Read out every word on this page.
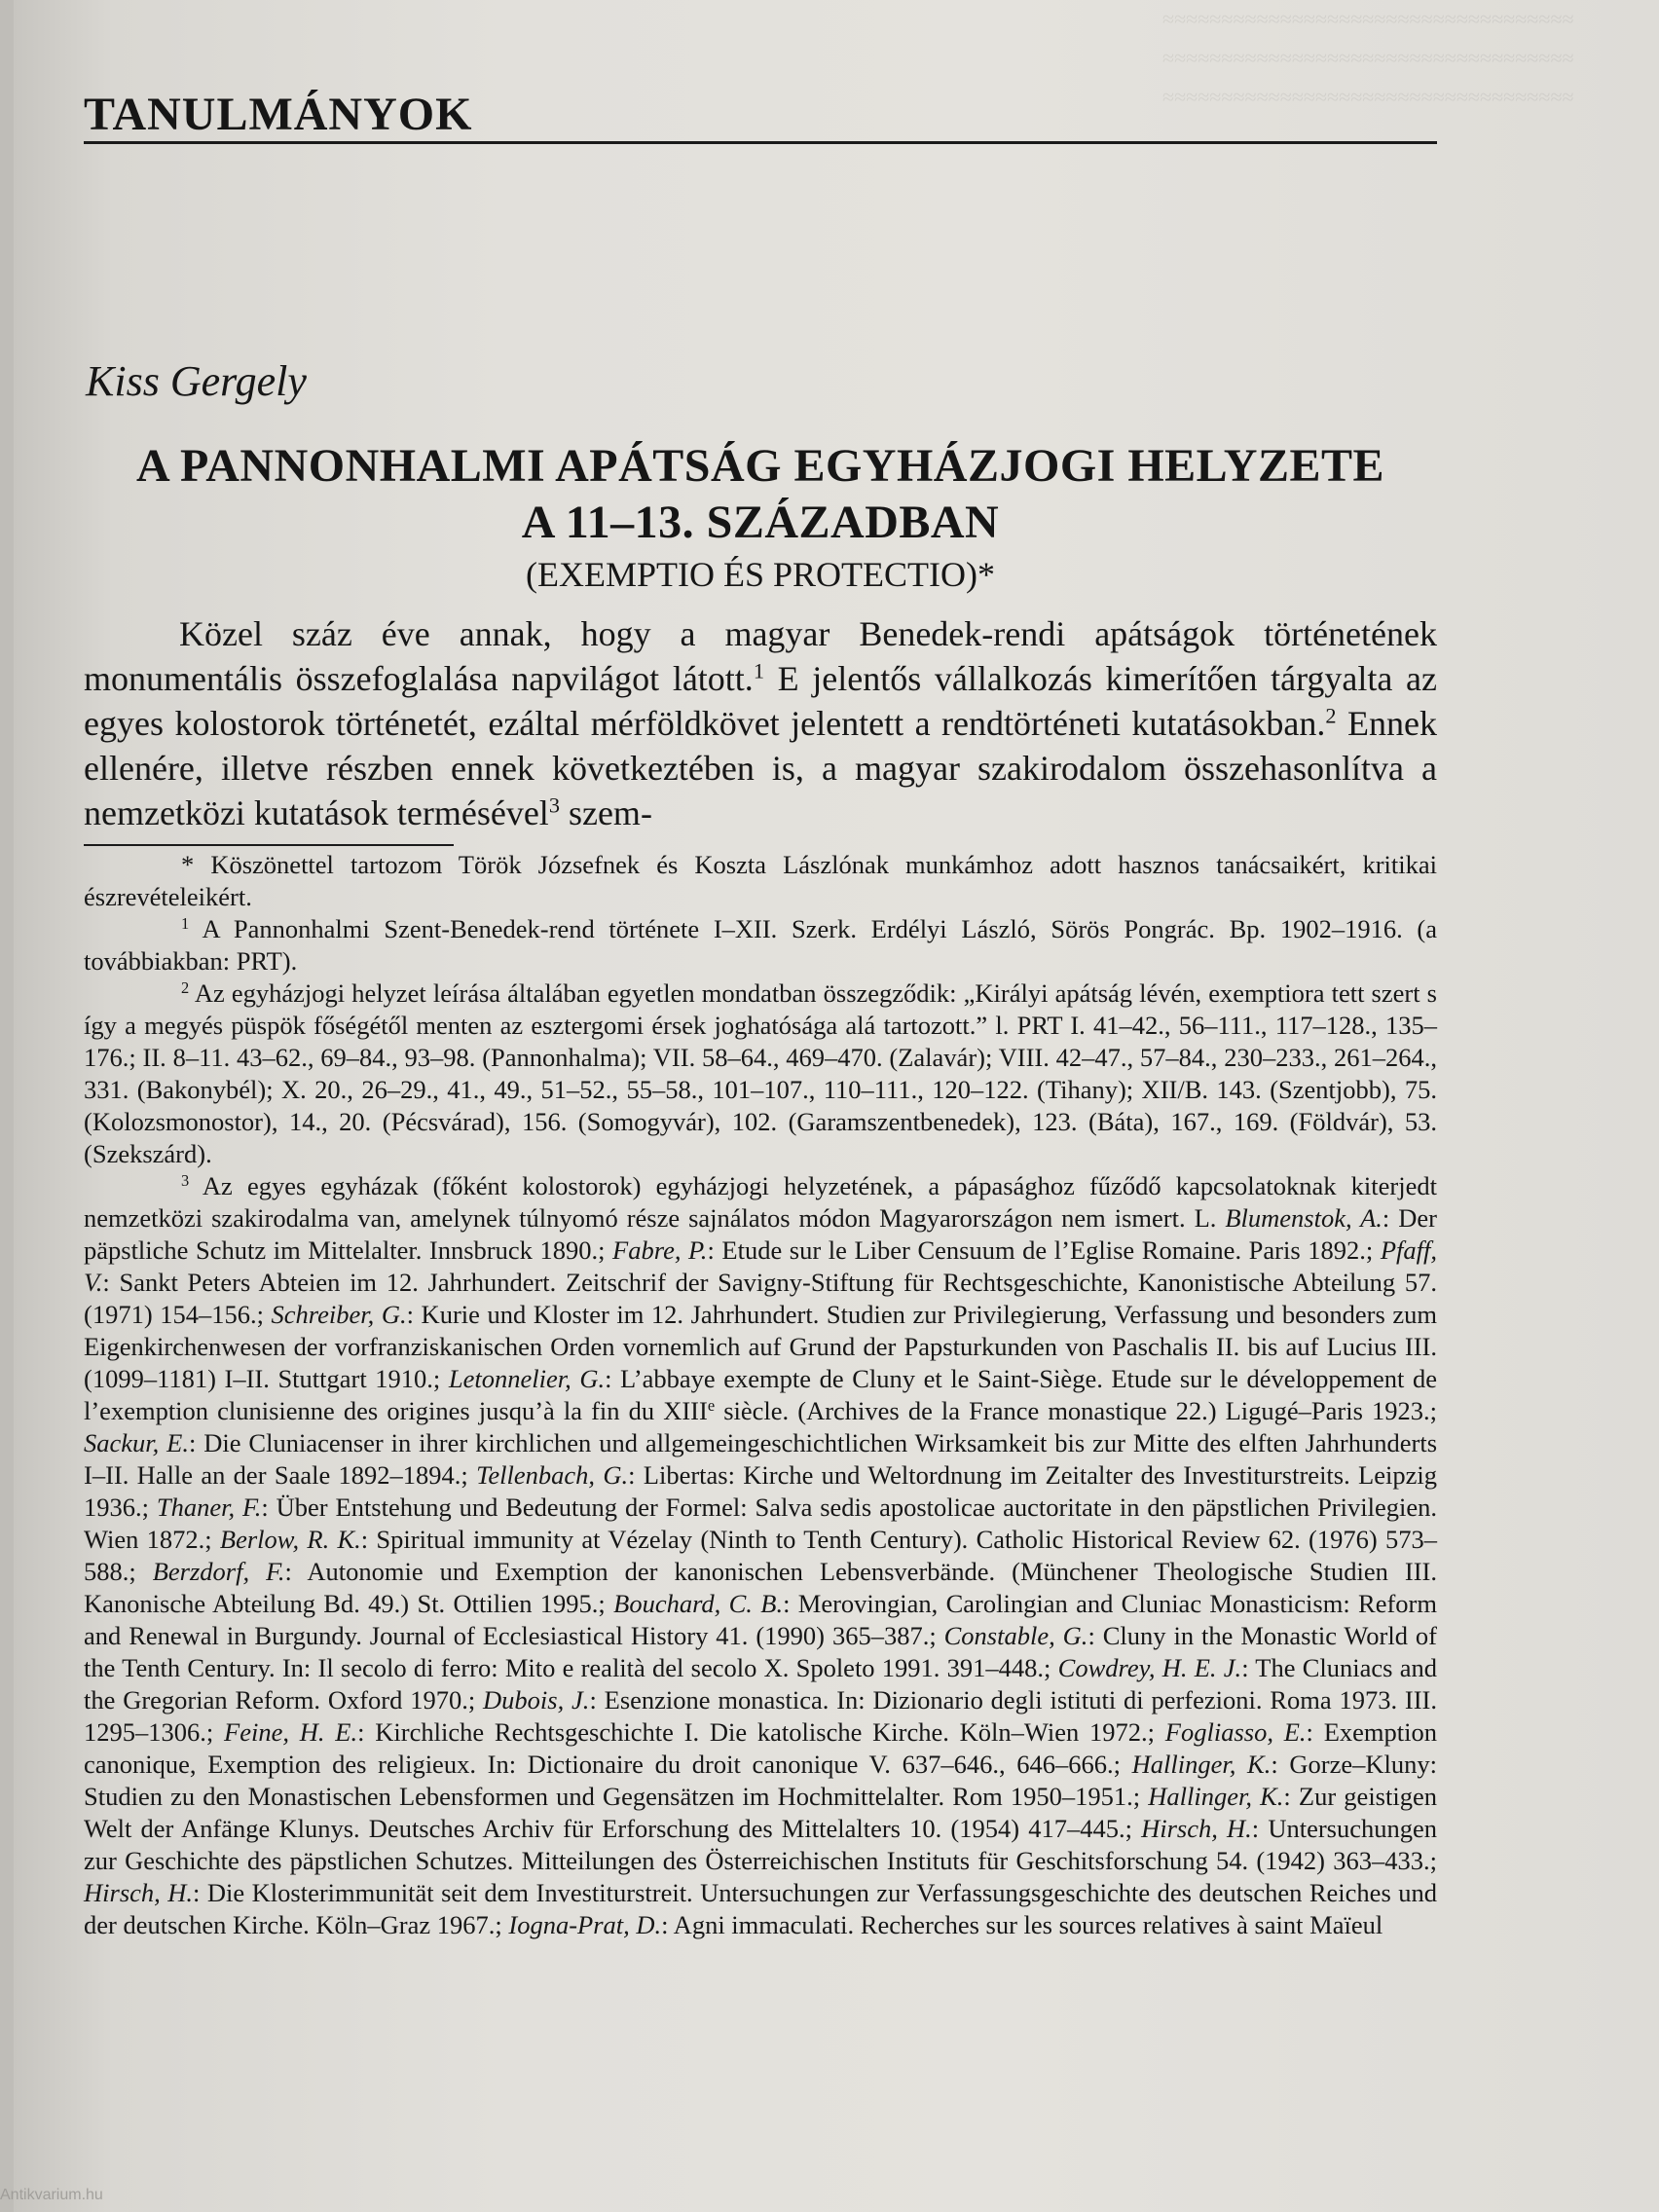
≈≈≈≈≈≈≈≈≈≈≈≈≈≈≈≈≈≈≈≈≈≈≈≈≈≈≈≈≈≈≈≈≈≈≈
≈≈≈≈≈≈≈≈≈≈≈≈≈≈≈≈≈≈≈≈≈≈≈≈≈≈≈≈≈≈≈≈≈≈≈
≈≈≈≈≈≈≈≈≈≈≈≈≈≈≈≈≈≈≈≈≈≈≈≈≈≈≈≈≈≈≈≈≈≈≈
TANULMÁNYOK
Kiss Gergely
A PANNONHALMI APÁTSÁG EGYHÁZJOGI HELYZETE
A 11–13. SZÁZADBAN
(EXEMPTIO ÉS PROTECTIO)*
Közel száz éve annak, hogy a magyar Benedek-rendi apátságok történetének monumentális összefoglalása napvilágot látott.$^1$ E jelentős vállalkozás kimerítően tárgyalta az egyes kolostorok történetét, ezáltal mérföldkövet jelentett a rendtörténeti kutatásokban.$^2$ Ennek ellenére, illetve részben ennek következtében is, a magyar szakirodalom összehasonlítva a nemzetközi kutatások termésével$^3$ szem-

* Köszönettel tartozom Török Józsefnek és Koszta Lászlónak munkámhoz adott hasznos tanácsaikért, kritikai észrevételeikért.

$^1$ A Pannonhalmi Szent-Benedek-rend története I–XII. Szerk. Erdélyi László, Sörös Pongrác. Bp. 1902–1916. (a továbbiakban: PRT).

$^2$ Az egyházjogi helyzet leírása általában egyetlen mondatban összegződik: „Királyi apátság lévén, exemptiora tett szert s így a megyés püspök főségétől menten az esztergomi érsek joghatósága alá tartozott.” l. PRT I. 41–42., 56–111., 117–128., 135–176.; II. 8–11. 43–62., 69–84., 93–98. (Pannonhalma); VII. 58–64., 469–470. (Zalavár); VIII. 42–47., 57–84., 230–233., 261–264., 331. (Bakonybél); X. 20., 26–29., 41., 49., 51–52., 55–58., 101–107., 110–111., 120–122. (Tihany); XII/B. 143. (Szentjobb), 75. (Kolozsmonostor), 14., 20. (Pécsvárad), 156. (Somogyvár), 102. (Garamszentbenedek), 123. (Báta), 167., 169. (Földvár), 53. (Szekszárd).

$^3$ Az egyes egyházak (főként kolostorok) egyházjogi helyzetének, a pápasághoz fűződő kapcsolatoknak kiterjedt nemzetközi szakirodalma van, amelynek túlnyomó része sajnálatos módon Magyarországon nem ismert. L. Blumenstok, A.: Der päpstliche Schutz im Mittelalter. Innsbruck 1890.; Fabre, P.: Etude sur le Liber Censuum de l’Eglise Romaine. Paris 1892.; Pfaff, V.: Sankt Peters Abteien im 12. Jahrhundert. Zeitschrif der Savigny-Stiftung für Rechtsgeschichte, Kanonistische Abteilung 57. (1971) 154–156.; Schreiber, G.: Kurie und Kloster im 12. Jahrhundert. Studien zur Privilegierung, Verfassung und besonders zum Eigenkirchenwesen der vorfranziskanischen Orden vornemlich auf Grund der Papsturkunden von Paschalis II. bis auf Lucius III. (1099–1181) I–II. Stuttgart 1910.; Letonnelier, G.: L’abbaye exempte de Cluny et le Saint-Siège. Etude sur le développement de l’exemption clunisienne des origines jusqu’à la fin du XIIIe siècle. (Archives de la France monastique 22.) Ligugé–Paris 1923.; Sackur, E.: Die Cluniacenser in ihrer kirchlichen und allgemeingeschichtlichen Wirksamkeit bis zur Mitte des elften Jahrhunderts I–II. Halle an der Saale 1892–1894.; Tellenbach, G.: Libertas: Kirche und Weltordnung im Zeitalter des Investiturstreits. Leipzig 1936.; Thaner, F.: Über Entstehung und Bedeutung der Formel: Salva sedis apostolicae auctoritate in den päpstlichen Privilegien. Wien 1872.; Berlow, R. K.: Spiritual immunity at Vézelay (Ninth to Tenth Century). Catholic Historical Review 62. (1976) 573–588.; Berzdorf, F.: Autonomie und Exemption der kanonischen Lebensverbände. (Münchener Theologische Studien III. Kanonische Abteilung Bd. 49.) St. Ottilien 1995.; Bouchard, C. B.: Merovingian, Carolingian and Cluniac Monasticism: Reform and Renewal in Burgundy. Journal of Ecclesiastical History 41. (1990) 365–387.; Constable, G.: Cluny in the Monastic World of the Tenth Century. In: Il secolo di ferro: Mito e realità del secolo X. Spoleto 1991. 391–448.; Cowdrey, H. E. J.: The Cluniacs and the Gregorian Reform. Oxford 1970.; Dubois, J.: Esenzione monastica. In: Dizionario degli istituti di perfezioni. Roma 1973. III. 1295–1306.; Feine, H. E.: Kirchliche Rechtsgeschichte I. Die katolische Kirche. Köln–Wien 1972.; Fogliasso, E.: Exemption canonique, Exemption des religieux. In: Dictionaire du droit canonique V. 637–646., 646–666.; Hallinger, K.: Gorze–Kluny: Studien zu den Monastischen Lebensformen und Gegensätzen im Hochmittelalter. Rom 1950–1951.; Hallinger, K.: Zur geistigen Welt der Anfänge Klunys. Deutsches Archiv für Erforschung des Mittelalters 10. (1954) 417–445.; Hirsch, H.: Untersuchungen zur Geschichte des päpstlichen Schutzes. Mitteilungen des Österreichischen Instituts für Geschitsforschung 54. (1942) 363–433.; Hirsch, H.: Die Klosterimmunität seit dem Investiturstreit. Untersuchungen zur Verfassungsgeschichte des deutschen Reiches und der deutschen Kirche. Köln–Graz 1967.; Iogna-Prat, D.: Agni immaculati. Recherches sur les sources relatives à saint Maïeul

Antikvarium.hu
